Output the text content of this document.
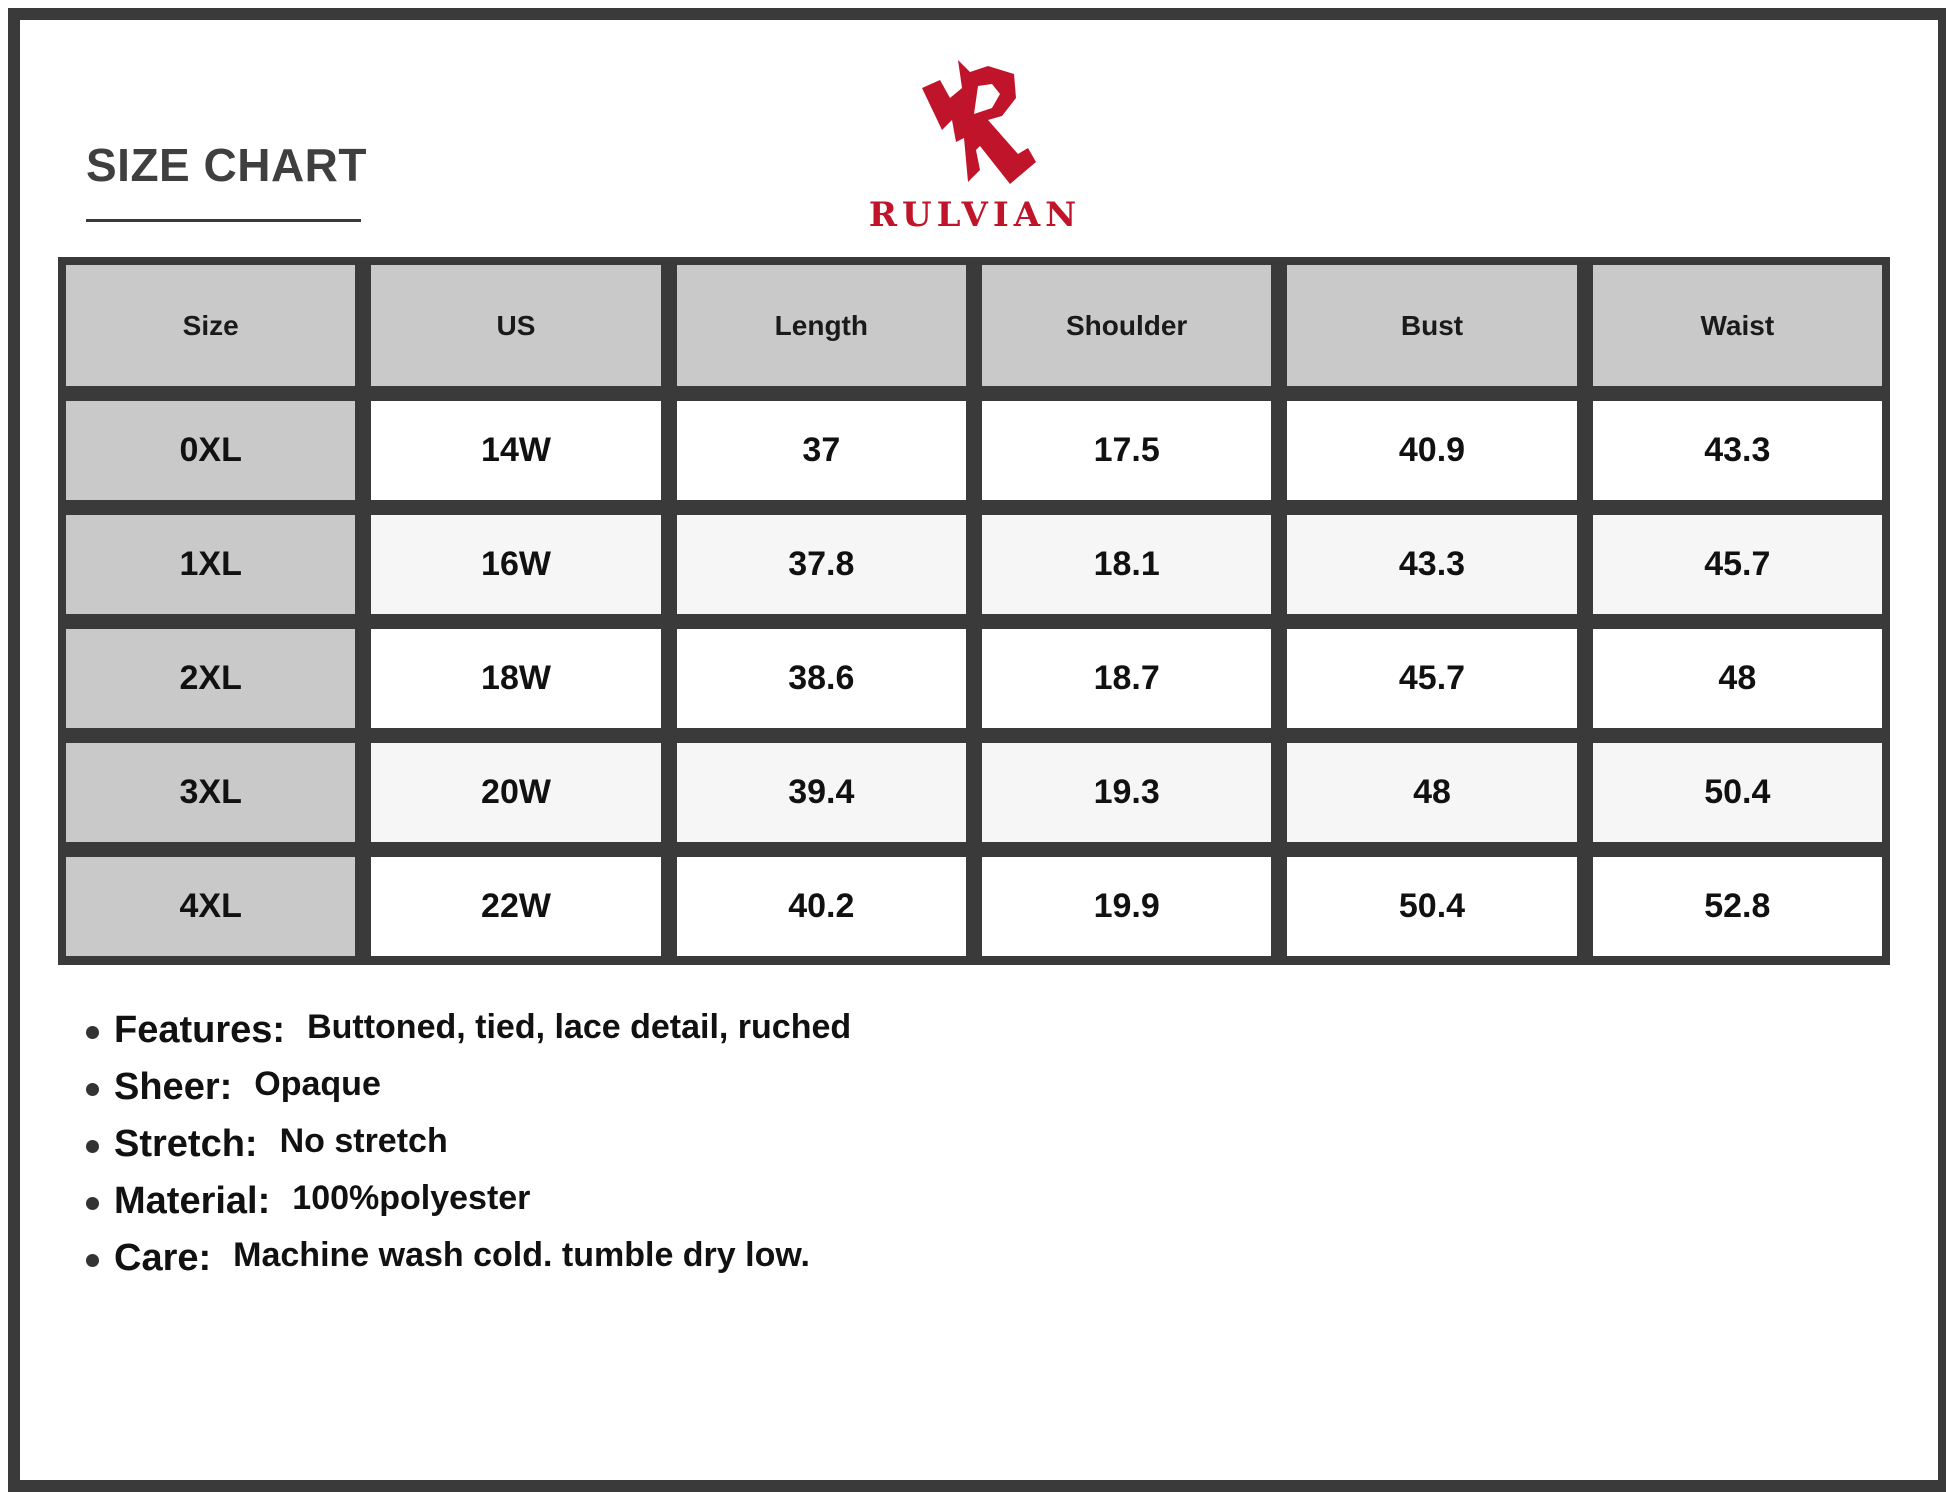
SIZE CHART
RULVIAN
Size	US	Length	Shoulder	Bust	Waist
0XL	14W	37	17.5	40.9	43.3
1XL	16W	37.8	18.1	43.3	45.7
2XL	18W	38.6	18.7	45.7	48
3XL	20W	39.4	19.3	48	50.4
4XL	22W	40.2	19.9	50.4	52.8
Features: Buttoned, tied, lace detail, ruched
Sheer: Opaque
Stretch: No stretch
Material: 100%polyester
Care: Machine wash cold. tumble dry low.
